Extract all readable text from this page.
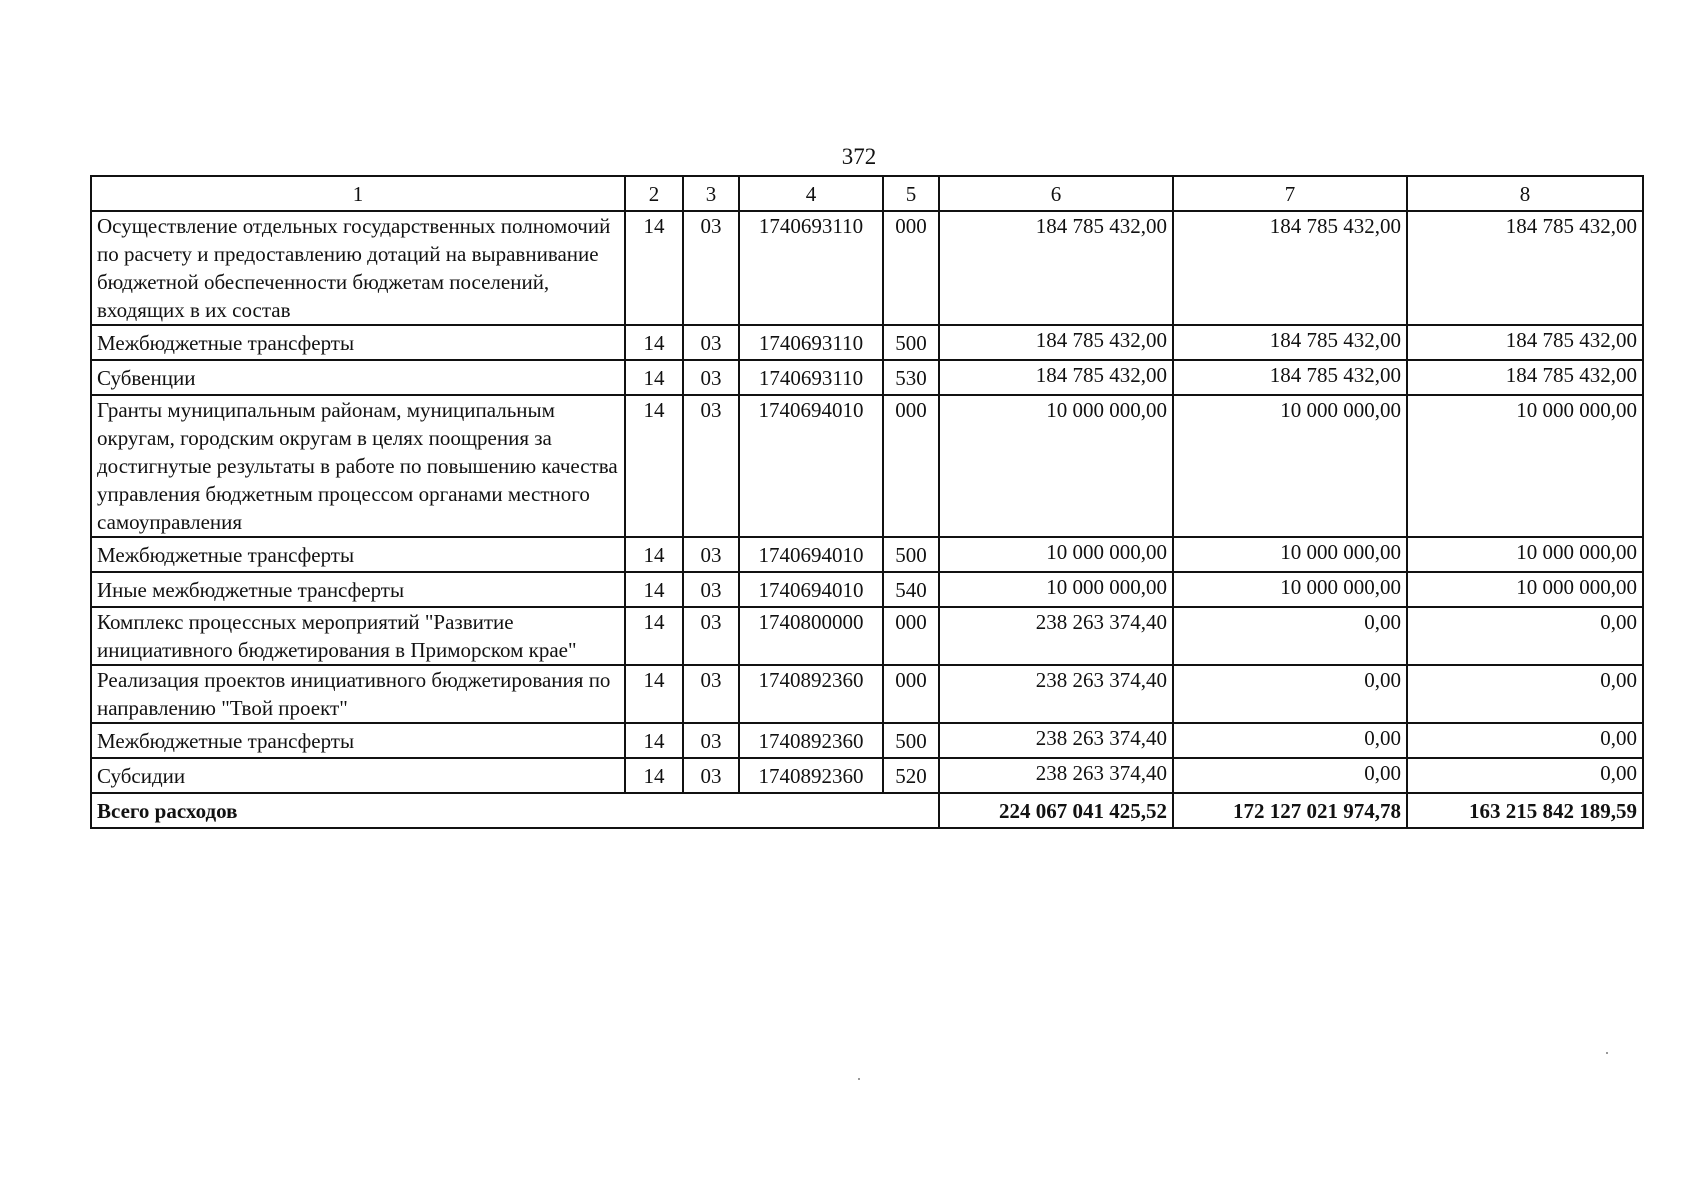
372
1	2	3	4	5	6	7	8
Осуществление отдельных государственных полномочий по расчету и предоставлению дотаций на выравнивание бюджетной обеспеченности бюджетам поселений, входящих в их состав	14	03	1740693110	000	184 785 432,00	184 785 432,00	184 785 432,00
Межбюджетные трансферты	14	03	1740693110	500	184 785 432,00	184 785 432,00	184 785 432,00
Субвенции	14	03	1740693110	530	184 785 432,00	184 785 432,00	184 785 432,00
Гранты муниципальным районам, муниципальным округам, городским округам в целях поощрения за достигнутые результаты в работе по повышению качества управления бюджетным процессом органами местного самоуправления	14	03	1740694010	000	10 000 000,00	10 000 000,00	10 000 000,00
Межбюджетные трансферты	14	03	1740694010	500	10 000 000,00	10 000 000,00	10 000 000,00
Иные межбюджетные трансферты	14	03	1740694010	540	10 000 000,00	10 000 000,00	10 000 000,00
Комплекс процессных мероприятий "Развитие инициативного бюджетирования в Приморском крае"	14	03	1740800000	000	238 263 374,40	0,00	0,00
Реализация проектов инициативного бюджетирования по направлению "Твой проект"	14	03	1740892360	000	238 263 374,40	0,00	0,00
Межбюджетные трансферты	14	03	1740892360	500	238 263 374,40	0,00	0,00
Субсидии	14	03	1740892360	520	238 263 374,40	0,00	0,00
Всего расходов					224 067 041 425,52	172 127 021 974,78	163 215 842 189,59
